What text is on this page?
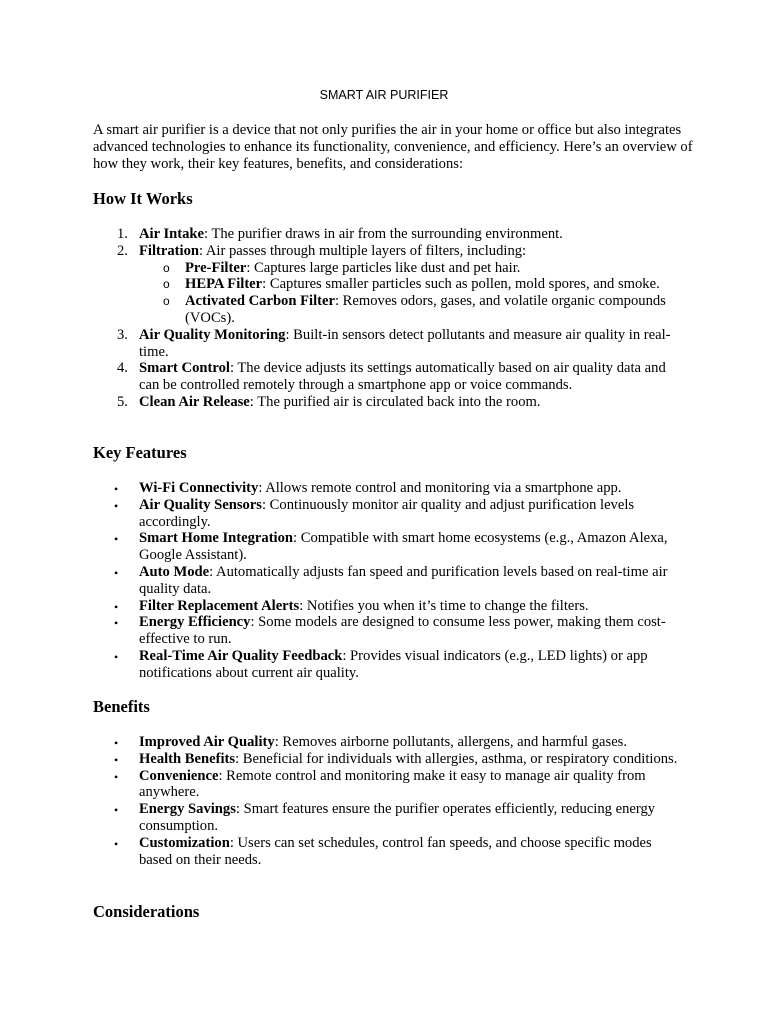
SMART AIR PURIFIER

A smart air purifier is a device that not only purifies the air in your home or office but also integrates advanced technologies to enhance its functionality, convenience, and efficiency. Here’s an overview of how they work, their key features, benefits, and considerations:

How It Works
1. Air Intake: The purifier draws in air from the surrounding environment.
2. Filtration: Air passes through multiple layers of filters, including:
o Pre-Filter: Captures large particles like dust and pet hair.
o HEPA Filter: Captures smaller particles such as pollen, mold spores, and smoke.
o Activated Carbon Filter: Removes odors, gases, and volatile organic compounds (VOCs).
3. Air Quality Monitoring: Built-in sensors detect pollutants and measure air quality in real-time.
4. Smart Control: The device adjusts its settings automatically based on air quality data and can be controlled remotely through a smartphone app or voice commands.
5. Clean Air Release: The purified air is circulated back into the room.
Key Features
• Wi-Fi Connectivity: Allows remote control and monitoring via a smartphone app.
• Air Quality Sensors: Continuously monitor air quality and adjust purification levels accordingly.
• Smart Home Integration: Compatible with smart home ecosystems (e.g., Amazon Alexa, Google Assistant).
• Auto Mode: Automatically adjusts fan speed and purification levels based on real-time air quality data.
• Filter Replacement Alerts: Notifies you when it’s time to change the filters.
• Energy Efficiency: Some models are designed to consume less power, making them cost-effective to run.
• Real-Time Air Quality Feedback: Provides visual indicators (e.g., LED lights) or app notifications about current air quality.
Benefits
• Improved Air Quality: Removes airborne pollutants, allergens, and harmful gases.
• Health Benefits: Beneficial for individuals with allergies, asthma, or respiratory conditions.
• Convenience: Remote control and monitoring make it easy to manage air quality from anywhere.
• Energy Savings: Smart features ensure the purifier operates efficiently, reducing energy consumption.
• Customization: Users can set schedules, control fan speeds, and choose specific modes based on their needs.
Considerations
